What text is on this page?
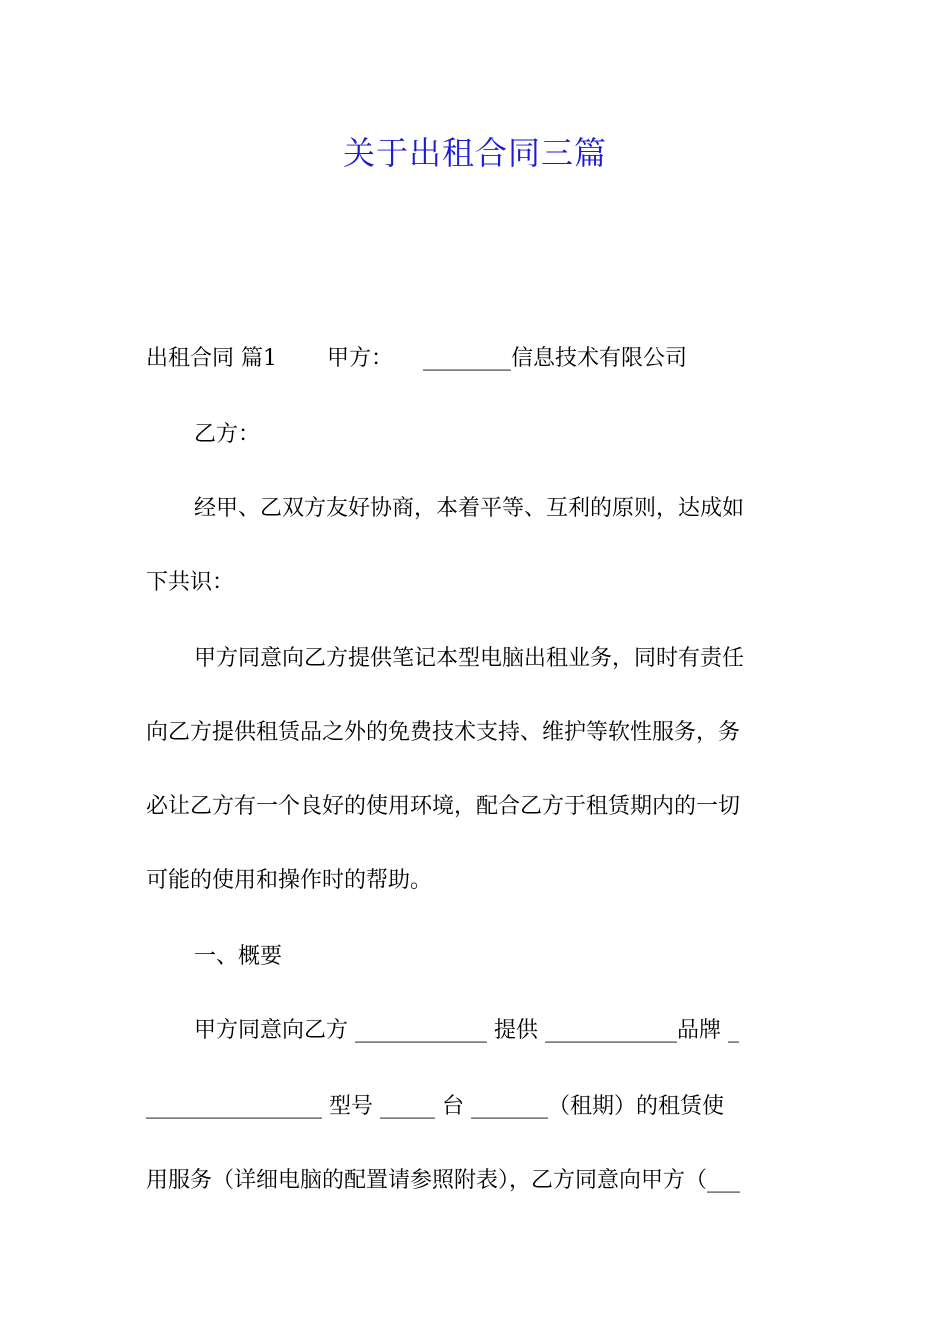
关于出租合同三篇
出租合同 篇1 甲方： ________信息技术有限公司
乙方：
经甲、乙双方友好协商，本着平等、互利的原则，达成如
下共识：
甲方同意向乙方提供笔记本型电脑出租业务，同时有责任
向乙方提供租赁品之外的免费技术支持、维护等软性服务，务
必让乙方有一个良好的使用环境，配合乙方于租赁期内的一切
可能的使用和操作时的帮助。
一、概要
甲方同意向乙方 ____________ 提供 ____________品牌 _
________________ 型号 _____ 台 _______（租期）的租赁使
用服务（详细电脑的配置请参照附表），乙方同意向甲方（___
